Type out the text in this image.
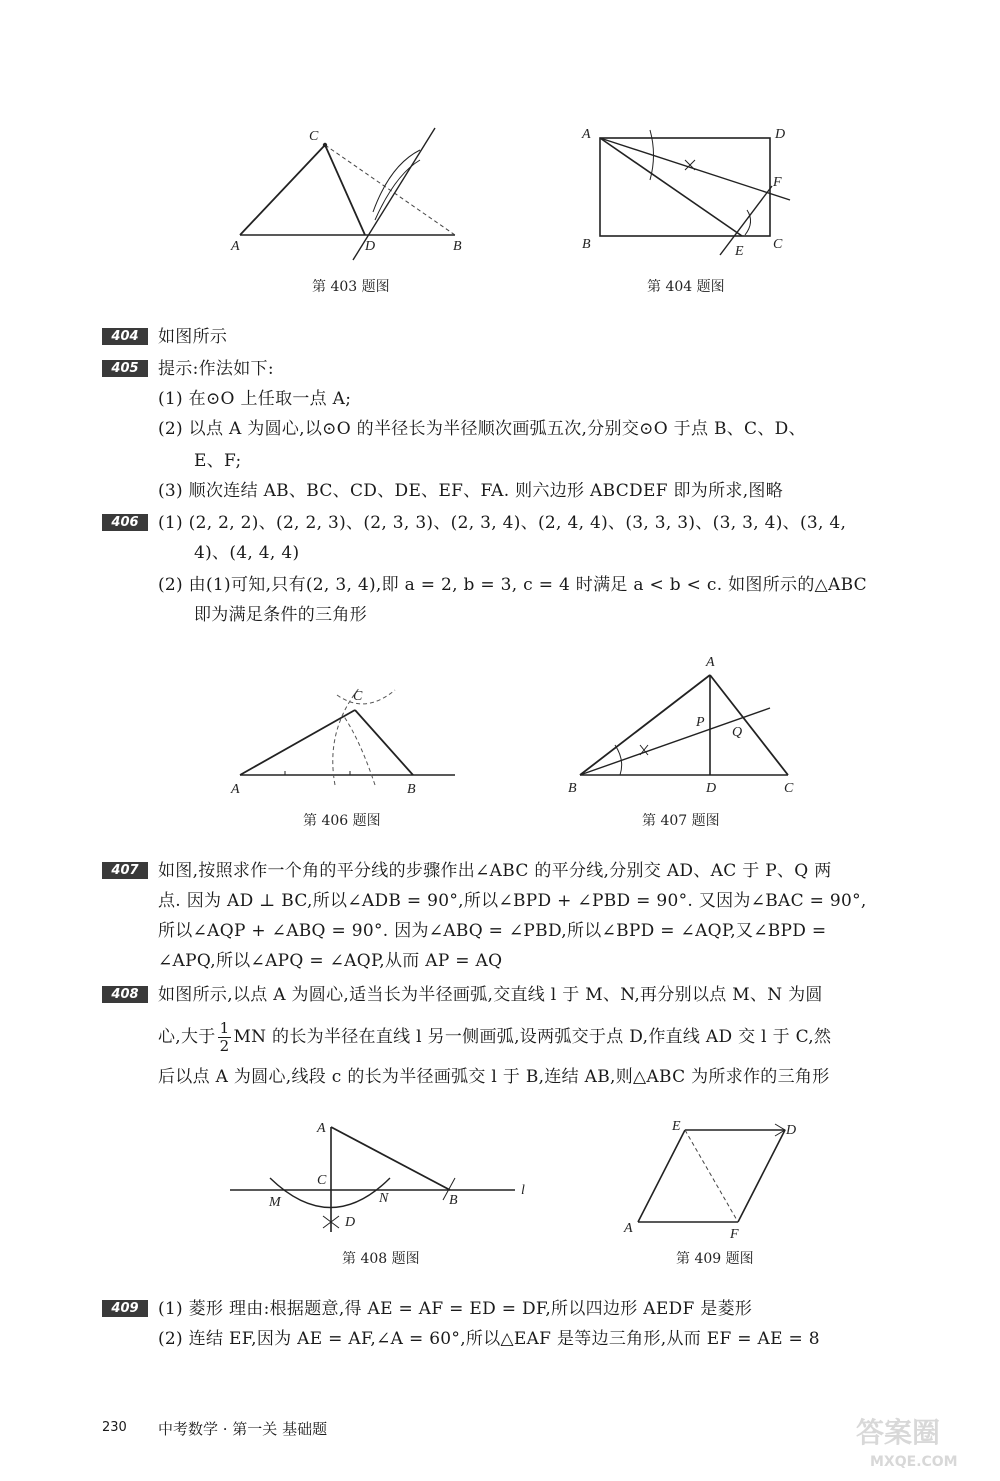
C
A	D	B
第 403 题图
A	D
F
B	E C
第 404 题图
404	如图所示
405	提示:作法如下:
(1) 在⊙O 上任取一点 A;
(2) 以点 A 为圆心,以⊙O 的半径长为半径顺次画弧五次,分别交⊙O 于点 B、C、D、
E、F;
(3) 顺次连结 AB、BC、CD、DE、EF、FA. 则六边形 ABCDEF 即为所求,图略
406	(1) (2, 2, 2)、(2, 2, 3)、(2, 3, 3)、(2, 3, 4)、(2, 4, 4)、(3, 3, 3)、(3, 3, 4)、(3, 4,
4)、(4, 4, 4)
(2) 由(1)可知,只有(2, 3, 4),即 a = 2, b = 3, c = 4 时满足 a < b < c. 如图所示的△ABC
即为满足条件的三角形
C
A	B
第 406 题图
A
P
Q
B	D	C
第 407 题图
407	如图,按照求作一个角的平分线的步骤作出∠ABC 的平分线,分别交 AD、AC 于 P、Q 两
点. 因为 AD ⊥ BC,所以∠ADB = 90°,所以∠BPD + ∠PBD = 90°. 又因为∠BAC = 90°,
所以∠AQP + ∠ABQ = 90°. 因为∠ABQ = ∠PBD,所以∠BPD = ∠AQP,又∠BPD =
∠APQ,所以∠APQ = ∠AQP,从而 AP = AQ
408	如图所示,以点 A 为圆心,适当长为半径画弧,交直线 l 于 M、N,再分别以点 M、N 为圆
心,大于 $\frac{1}{2}$ MN 的长为半径在直线 l 另一侧画弧,设两弧交于点 D,作直线 AD 交 l 于 C,然
后以点 A 为圆心,线段 c 的长为半径画弧交 l 于 B,连结 AB,则△ABC 为所求作的三角形
A
C
M	N	B
D
l
第 408 题图
E	D
A	F
第 409 题图
409	(1) 菱形 理由:根据题意,得 AE = AF = ED = DF,所以四边形 AEDF 是菱形
(2) 连结 EF,因为 AE = AF,∠A = 60°,所以△EAF 是等边三角形,从而 EF = AE = 8
230 中考数学 · 第一关 基础题	答案圈
MXQE.COM
